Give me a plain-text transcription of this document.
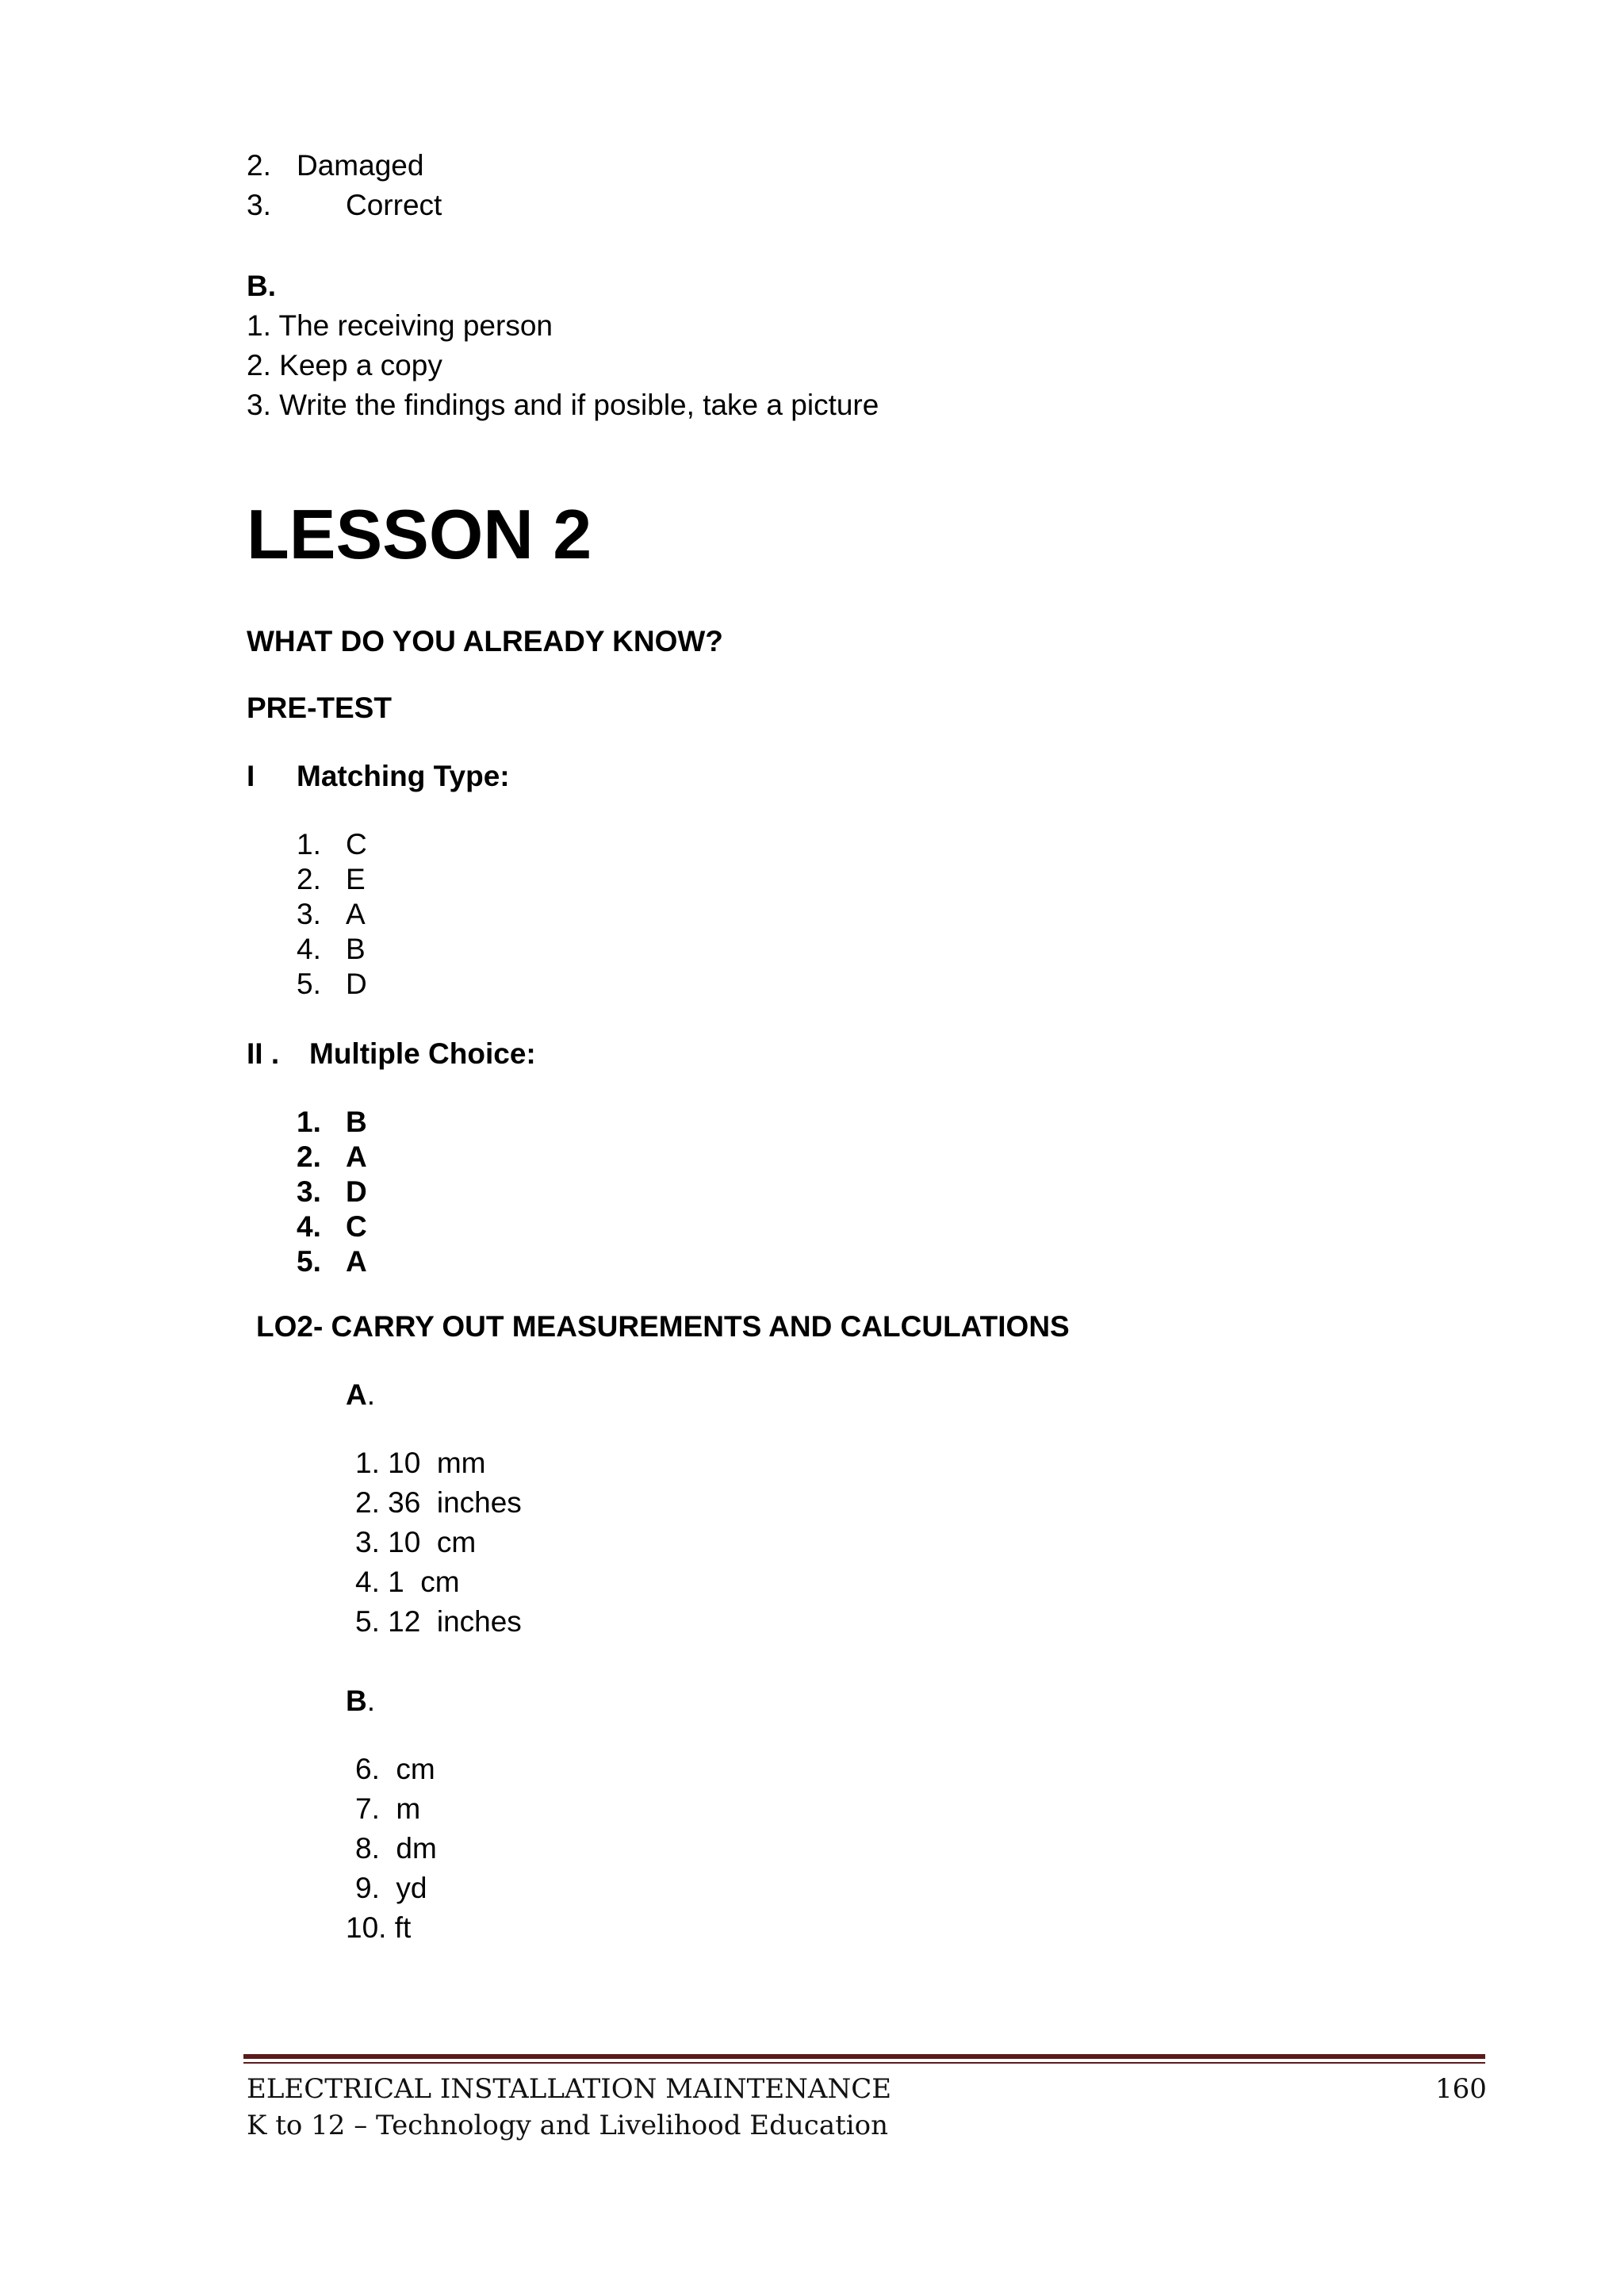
2. Damaged
3.	Correct
B.
1. The receiving person
2. Keep a copy
3. Write the findings and if posible, take a picture
LESSON 2
WHAT DO YOU ALREADY KNOW?
PRE-TEST
I Matching Type:
1. C
2. E
3. A
4. B
5. D
II . Multiple Choice:
1. B
2. A
3. D
4. C
5. A
LO2- CARRY OUT MEASUREMENTS AND CALCULATIONS
A.
1. 10  mm
2. 36  inches
3. 10  cm
4. 1  cm
5. 12  inches
B.
6.  cm
7.  m
8.  dm
9.  yd
10. ft
ELECTRICAL INSTALLATION MAINTENANCE	160
K to 12 – Technology and Livelihood Education
